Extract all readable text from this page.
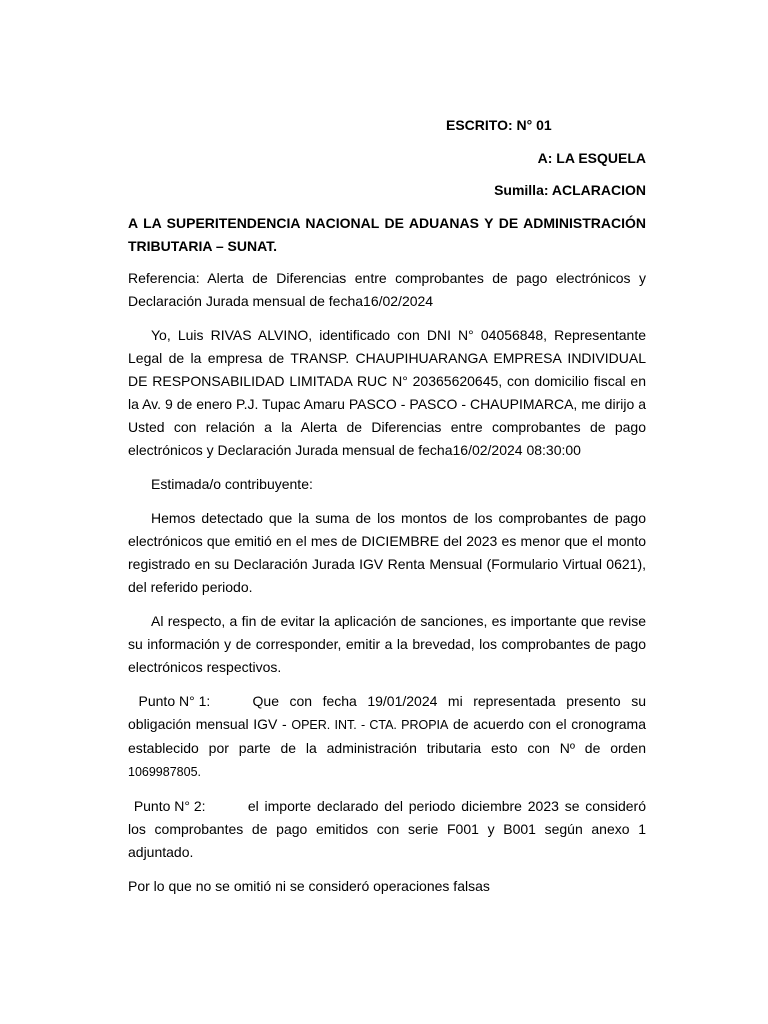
ESCRITO: N° 01
A: LA ESQUELA
Sumilla: ACLARACION

A LA SUPERITENDENCIA NACIONAL DE ADUANAS Y DE ADMINISTRACIÓN TRIBUTARIA – SUNAT.

Referencia: Alerta de Diferencias entre comprobantes de pago electrónicos y Declaración Jurada mensual de fecha16/02/2024

Yo, Luis RIVAS ALVINO, identificado con DNI N° 04056848, Representante Legal de la empresa de TRANSP. CHAUPIHUARANGA EMPRESA INDIVIDUAL DE RESPONSABILIDAD LIMITADA RUC N° 20365620645, con domicilio fiscal en la Av. 9 de enero P.J. Tupac Amaru PASCO - PASCO - CHAUPIMARCA, me dirijo a Usted con relación a la Alerta de Diferencias entre comprobantes de pago electrónicos y Declaración Jurada mensual de fecha16/02/2024 08:30:00

Estimada/o contribuyente:

Hemos detectado que la suma de los montos de los comprobantes de pago electrónicos que emitió en el mes de DICIEMBRE del 2023 es menor que el monto registrado en su Declaración Jurada IGV Renta Mensual (Formulario Virtual 0621), del referido periodo.

Al respecto, a fin de evitar la aplicación de sanciones, es importante que revise su información y de corresponder, emitir a la brevedad, los comprobantes de pago electrónicos respectivos.

Punto N° 1:	Que con fecha 19/01/2024 mi representada presento su obligación mensual IGV - OPER. INT. - CTA. PROPIA de acuerdo con el cronograma establecido por parte de la administración tributaria esto con Nº de orden 1069987805.

Punto N° 2:	el importe declarado del periodo diciembre 2023 se consideró los comprobantes de pago emitidos con serie F001 y B001 según anexo 1 adjuntado.

Por lo que no se omitió ni se consideró operaciones falsas
